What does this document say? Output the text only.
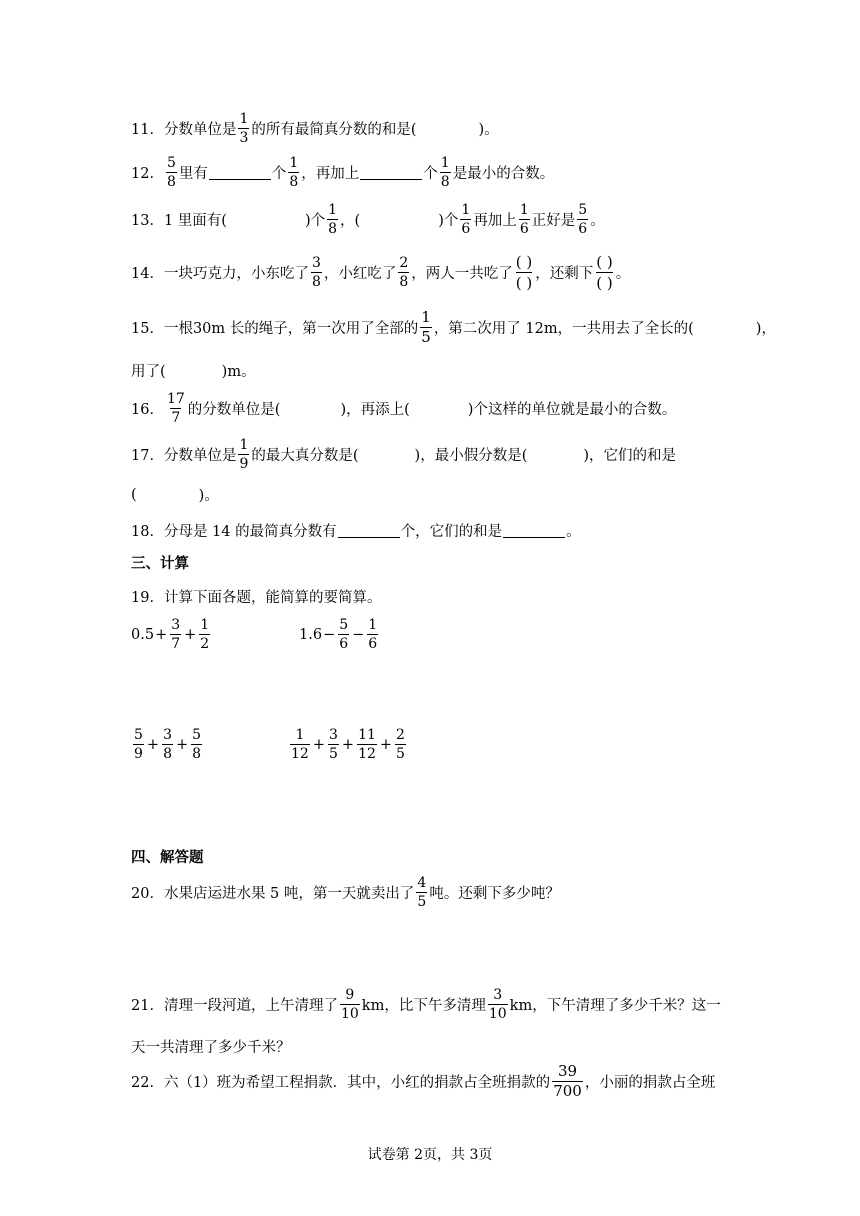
11． 分数单位是 $\frac{1}{3}$ 的所有最简真分数的和是(	)。
12． $\frac{5}{8}$ 里有	个 $\frac{1}{8}$ ，再加上	个 $\frac{1}{8}$ 是最小的合数。
13． 1 里面有(	)个 $\frac{1}{8}$ ，(	)个 $\frac{1}{6}$ 再加上 $\frac{1}{6}$ 正好是 $\frac{5}{6}$ 。
14． 一块巧克力，小东吃了 $\frac{3}{8}$ ，小红吃了 $\frac{2}{8}$ ，两人一共吃了
( )
( ) ，还剩下
( )
( ) 。
15． 一根30m 长的绳子，第一次用了全部的 $\frac{1}{5}$ ，第二次用了 12m，一共用去了全长的(	)，
用了(	)m。
16． $\frac{17}{7}$ 的分数单位是(	)，再添上(	)个这样的单位就是最小的合数。
17． 分数单位是 $\frac{1}{9}$ 的最大真分数是(	)，最小假分数是(	)，它们的和是
(	)。
18． 分母是 14 的最简真分数有	个，它们的和是	。
三、计算
19． 计算下面各题，能简算的要简算。
$0.5 + \frac{3}{7} + \frac{1}{2}$	$1.6 - \frac{5}{6} - \frac{1}{6}$
$\frac{5}{9} + \frac{3}{8} + \frac{5}{8}$	$\frac{1}{12} + \frac{3}{5} + \frac{11}{12} + \frac{2}{5}$
四、解答题
20． 水果店运进水果 5 吨，第一天就卖出了 $\frac{4}{5}$ 吨。还剩下多少吨？
21． 清理一段河道，上午清理了 $\frac{9}{10}$ km，比下午多清理 $\frac{3}{10}$ km，下午清理了多少千米？这一
天一共清理了多少千米？
22． 六（1）班为希望工程捐款．其中，小红的捐款占全班捐款的 $\frac{39}{700}$ ，小丽的捐款占全班
试卷第 2页，共 3页
